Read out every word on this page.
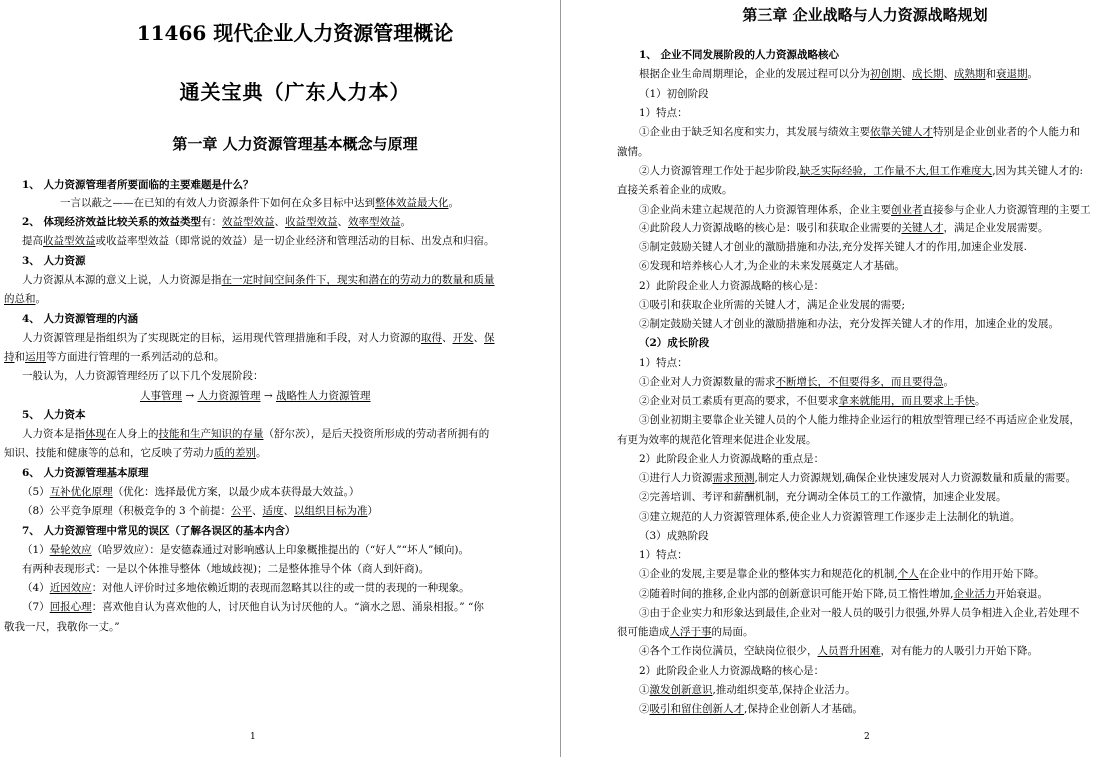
11466 现代企业人力资源管理概论
通关宝典（广东人力本）
第一章 人力资源管理基本概念与原理
1、 人力资源管理者所要面临的主要难题是什么？
一言以蔽之——在已知的有效人力资源条件下如何在众多目标中达到整体效益最大化。
2、 体现经济效益比较关系的效益类型有：效益型效益、收益型效益、效率型效益。
提高收益型效益或收益率型效益（即常说的效益）是一切企业经济和管理活动的目标、出发点和归宿。
3、 人力资源
人力资源从本源的意义上说，人力资源是指在一定时间空间条件下，现实和潜在的劳动力的数量和质量
的总和。
4、 人力资源管理的内涵
人力资源管理是指组织为了实现既定的目标，运用现代管理措施和手段，对人力资源的取得、开发、保
持和运用等方面进行管理的一系列活动的总和。
一般认为，人力资源管理经历了以下几个发展阶段：
人事管理 → 人力资源管理 → 战略性人力资源管理
5、 人力资本
人力资本是指体现在人身上的技能和生产知识的存量（舒尔茨），是后天投资所形成的劳动者所拥有的
知识、技能和健康等的总和，它反映了劳动力质的差别。
6、 人力资源管理基本原理
（5）互补优化原理（优化：选择最优方案，以最少成本获得最大效益。）
（8）公平竞争原理（积极竞争的 3 个前提：公平、适度、以组织目标为准）
7、 人力资源管理中常见的误区（了解各误区的基本内含）
（1）晕轮效应（哈罗效应）：是安德森通过对影响感认上印象概推提出的（“好人”“坏人”倾向)。
有两种表现形式：一是以个体推导整体（地域歧视)；二是整体推导个体（商人到奸商)。
（4）近因效应：对他人评价时过多地依赖近期的表现而忽略其以往的或一贯的表现的一种现象。
（7）回报心理：喜欢他自认为喜欢他的人，讨厌他自认为讨厌他的人。“滴水之恩、涌泉相报。” “你
敬我一尺，我敬你一丈。”
1
第三章 企业战略与人力资源战略规划
1、 企业不同发展阶段的人力资源战略核心
根据企业生命周期理论，企业的发展过程可以分为初创期、成长期、成熟期和衰退期。
（1）初创阶段
1）特点：
①企业由于缺乏知名度和实力，其发展与绩效主要依靠关键人才特别是企业创业者的个人能力和
激情。
②人力资源管理工作处于起步阶段,缺乏实际经验，工作量不大,但工作难度大,因为其关键人才的:
直接关系着企业的成败。
③企业尚未建立起规范的人力资源管理体系，企业主要创业者直接参与企业人力资源管理的主要工
④此阶段人力资源战略的核心是：吸引和获取企业需要的关键人才，满足企业发展需要。
⑤制定鼓励关键人才创业的激励措施和办法,充分发挥关键人才的作用,加速企业发展.
⑥发现和培养核心人才,为企业的未来发展奠定人才基础。
2）此阶段企业人力资源战略的核心是：
①吸引和获取企业所需的关键人才，满足企业发展的需要;
②制定鼓励关键人才创业的激励措施和办法，充分发挥关键人才的作用，加速企业的发展。
（2）成长阶段
1）特点：
①企业对人力资源数量的需求不断增长，不但要得多，而且要得急。
②企业对员工素质有更高的要求，不但要求拿来就能用，而且要求上手快。
③创业初期主要靠企业关键人员的个人能力维持企业运行的粗放型管理已经不再适应企业发展，
有更为效率的规范化管理来促进企业发展。
2）此阶段企业人力资源战略的重点是：
①进行人力资源需求预测,制定人力资源规划,确保企业快速发展对人力资源数量和质量的需要。
②完善培训、考评和薪酬机制，充分调动全体员工的工作激情，加速企业发展。
③建立规范的人力资源管理体系,使企业人力资源管理工作逐步走上法制化的轨道。
（3）成熟阶段
1）特点：
①企业的发展,主要是靠企业的整体实力和规范化的机制,个人在企业中的作用开始下降。
②随着时间的推移,企业内部的创新意识可能开始下降,员工惰性增加,企业活力开始衰退。
③由于企业实力和形象达到最佳,企业对一般人员的吸引力很强,外界人员争相进入企业,若处理不
很可能造成人浮于事的局面。
④各个工作岗位满员，空缺岗位很少，人员晋升困难，对有能力的人吸引力开始下降。
2）此阶段企业人力资源战略的核心是：
①激发创新意识,推动组织变革,保持企业活力。
②吸引和留住创新人才,保持企业创新人才基础。
2
